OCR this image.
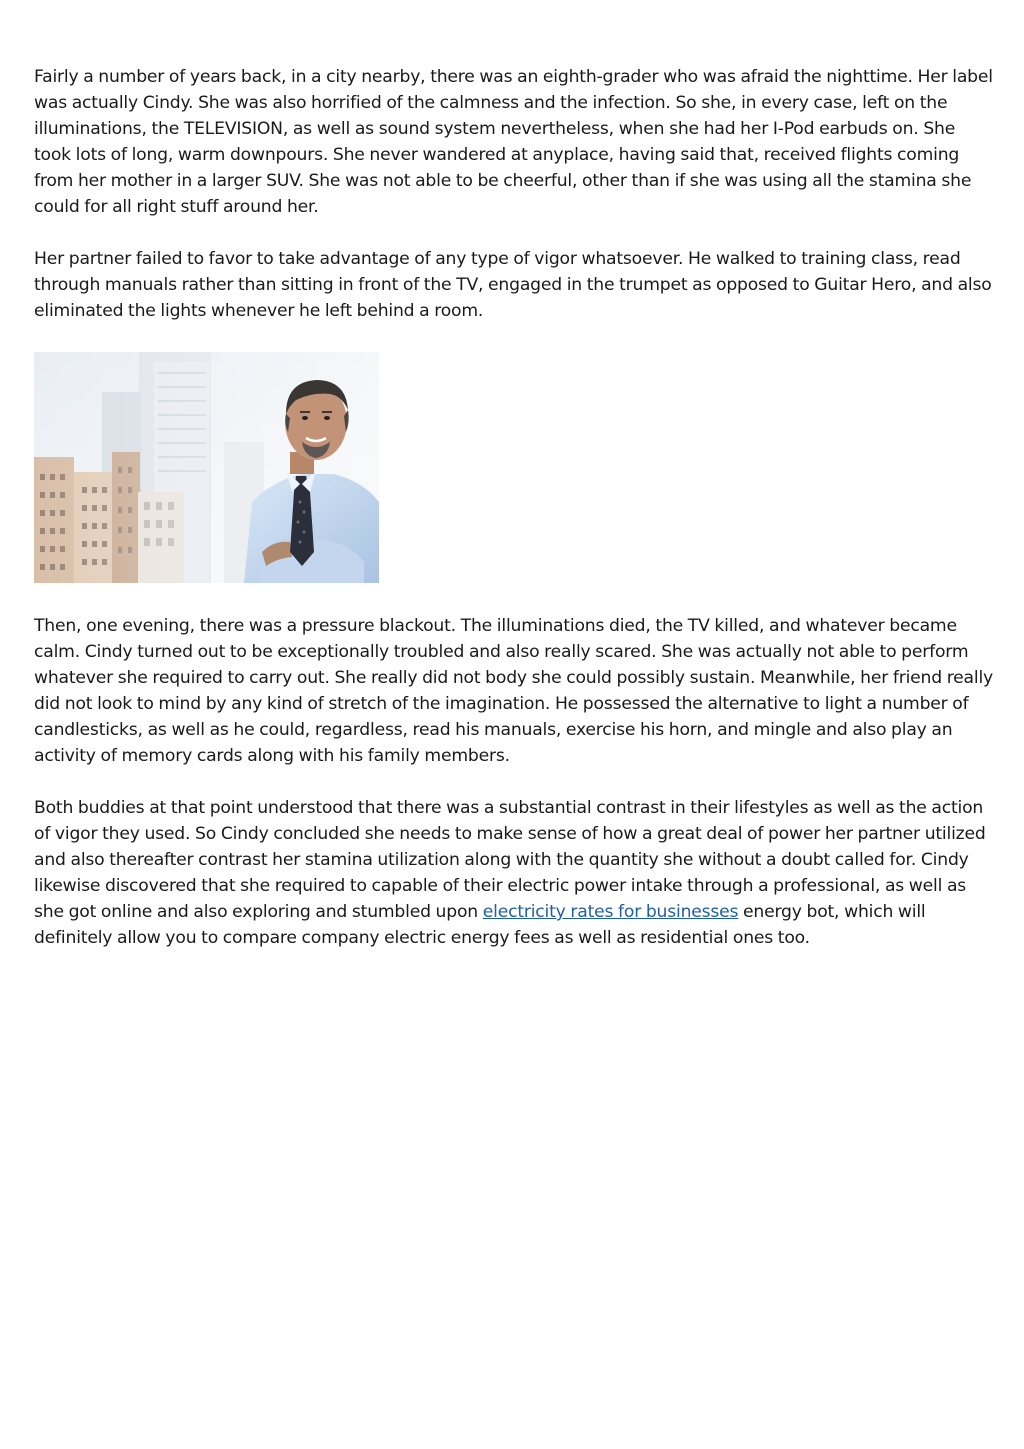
Fairly a number of years back, in a city nearby, there was an eighth-grader who was afraid the nighttime. Her label was actually Cindy. She was also horrified of the calmness and the infection. So she, in every case, left on the illuminations, the TELEVISION, as well as sound system nevertheless, when she had her I-Pod earbuds on. She took lots of long, warm downpours. She never wandered at anyplace, having said that, received flights coming from her mother in a larger SUV. She was not able to be cheerful, other than if she was using all the stamina she could for all right stuff around her.

Her partner failed to favor to take advantage of any type of vigor whatsoever. He walked to training class, read through manuals rather than sitting in front of the TV, engaged in the trumpet as opposed to Guitar Hero, and also eliminated the lights whenever he left behind a room.

Then, one evening, there was a pressure blackout. The illuminations died, the TV killed, and whatever became calm. Cindy turned out to be exceptionally troubled and also really scared. She was actually not able to perform whatever she required to carry out. She really did not body she could possibly sustain. Meanwhile, her friend really did not look to mind by any kind of stretch of the imagination. He possessed the alternative to light a number of candlesticks, as well as he could, regardless, read his manuals, exercise his horn, and mingle and also play an activity of memory cards along with his family members.

Both buddies at that point understood that there was a substantial contrast in their lifestyles as well as the action of vigor they used. So Cindy concluded she needs to make sense of how a great deal of power her partner utilized and also thereafter contrast her stamina utilization along with the quantity she without a doubt called for. Cindy likewise discovered that she required to capable of their electric power intake through a professional, as well as she got online and also exploring and stumbled upon electricity rates for businesses energy bot, which will definitely allow you to compare company electric energy fees as well as residential ones too.
